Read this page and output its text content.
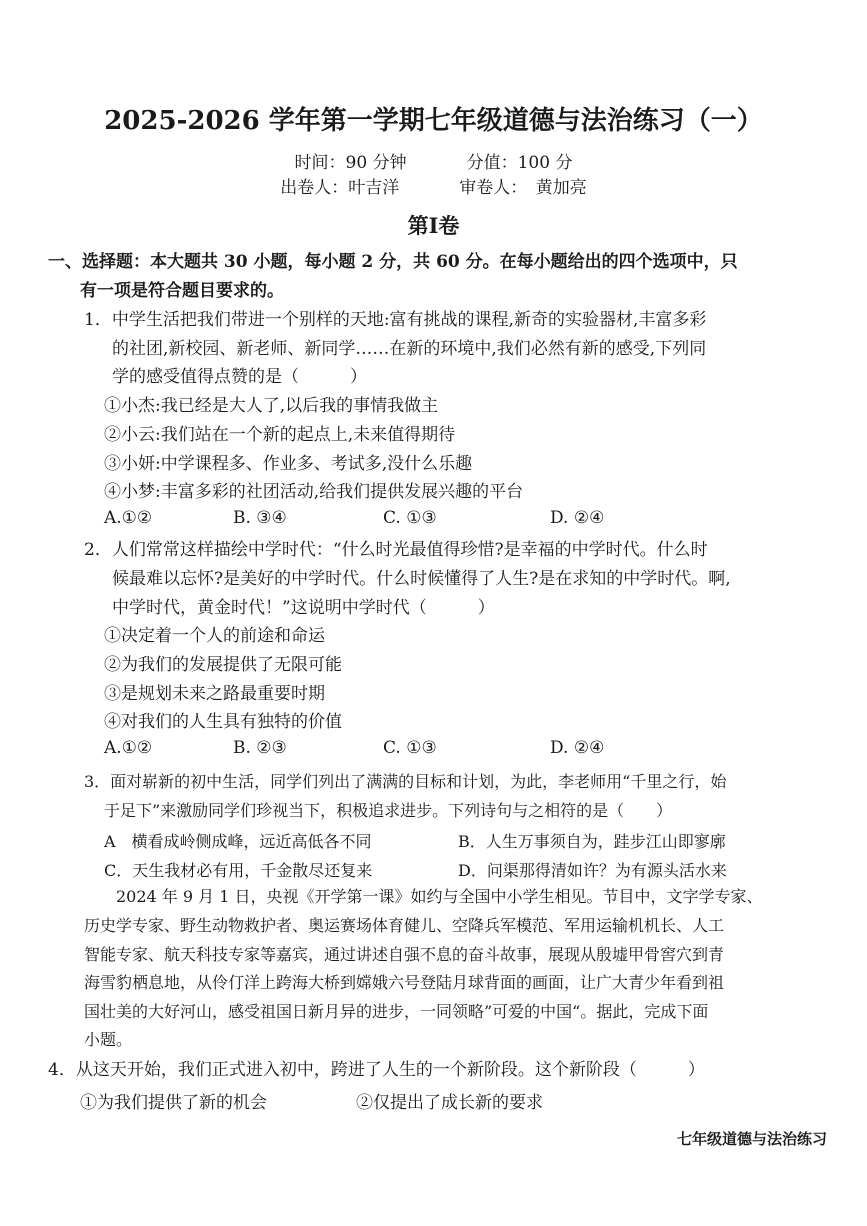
2025-2026 学年第一学期七年级道德与法治练习（一）
时间：90 分钟	分值：100 分
出卷人：叶吉洋	审卷人：　黄加亮
第Ⅰ卷
一、选择题：本大题共 30 小题，每小题 2 分，共 60 分。在每小题给出的四个选项中，只
有一项是符合题目要求的。
1．中学生活把我们带进一个别样的天地:富有挑战的课程,新奇的实验器材,丰富多彩
的社团,新校园、新老师、新同学……在新的环境中,我们必然有新的感受,下列同
学的感受值得点赞的是（　　　）
①小杰:我已经是大人了,以后我的事情我做主
②小云:我们站在一个新的起点上,未来值得期待
③小妍:中学课程多、作业多、考试多,没什么乐趣
④小梦:丰富多彩的社团活动,给我们提供发展兴趣的平台
A.①②	B. ③④	C. ①③	D. ②④
2．人们常常这样描绘中学时代：“什么时光最值得珍惜?是幸福的中学时代。什么时
候最难以忘怀?是美好的中学时代。什么时候懂得了人生?是在求知的中学时代。啊,
中学时代，黄金时代！”这说明中学时代（　　　）
①决定着一个人的前途和命运
②为我们的发展提供了无限可能
③是规划未来之路最重要时期
④对我们的人生具有独特的价值
A.①②	B. ②③	C. ①③	D. ②④
3．面对崭新的初中生活，同学们列出了满满的目标和计划，为此，李老师用“千里之行，始
于足下”来激励同学们珍视当下，积极追求进步。下列诗句与之相符的是（　　）
A　横看成岭侧成峰，远近高低各不同	B．人生万事须自为，跬步江山即寥廓
C．天生我材必有用，千金散尽还复来	D．问渠那得清如许？为有源头活水来
2024 年 9 月 1 日，央视《开学第一课》如约与全国中小学生相见。节目中，文字学专家、
历史学专家、野生动物救护者、奥运赛场体育健儿、空降兵军模范、军用运输机机长、人工
智能专家、航天科技专家等嘉宾，通过讲述自强不息的奋斗故事，展现从殷墟甲骨窖穴到青
海雪豹栖息地，从伶仃洋上跨海大桥到嫦娥六号登陆月球背面的画面，让广大青少年看到祖
国壮美的大好河山，感受祖国日新月异的进步，一同领略”可爱的中国“。据此，完成下面
小题。
4．从这天开始，我们正式进入初中，跨进了人生的一个新阶段。这个新阶段（　　　）
①为我们提供了新的机会	②仅提出了成长新的要求
七年级道德与法治练习
